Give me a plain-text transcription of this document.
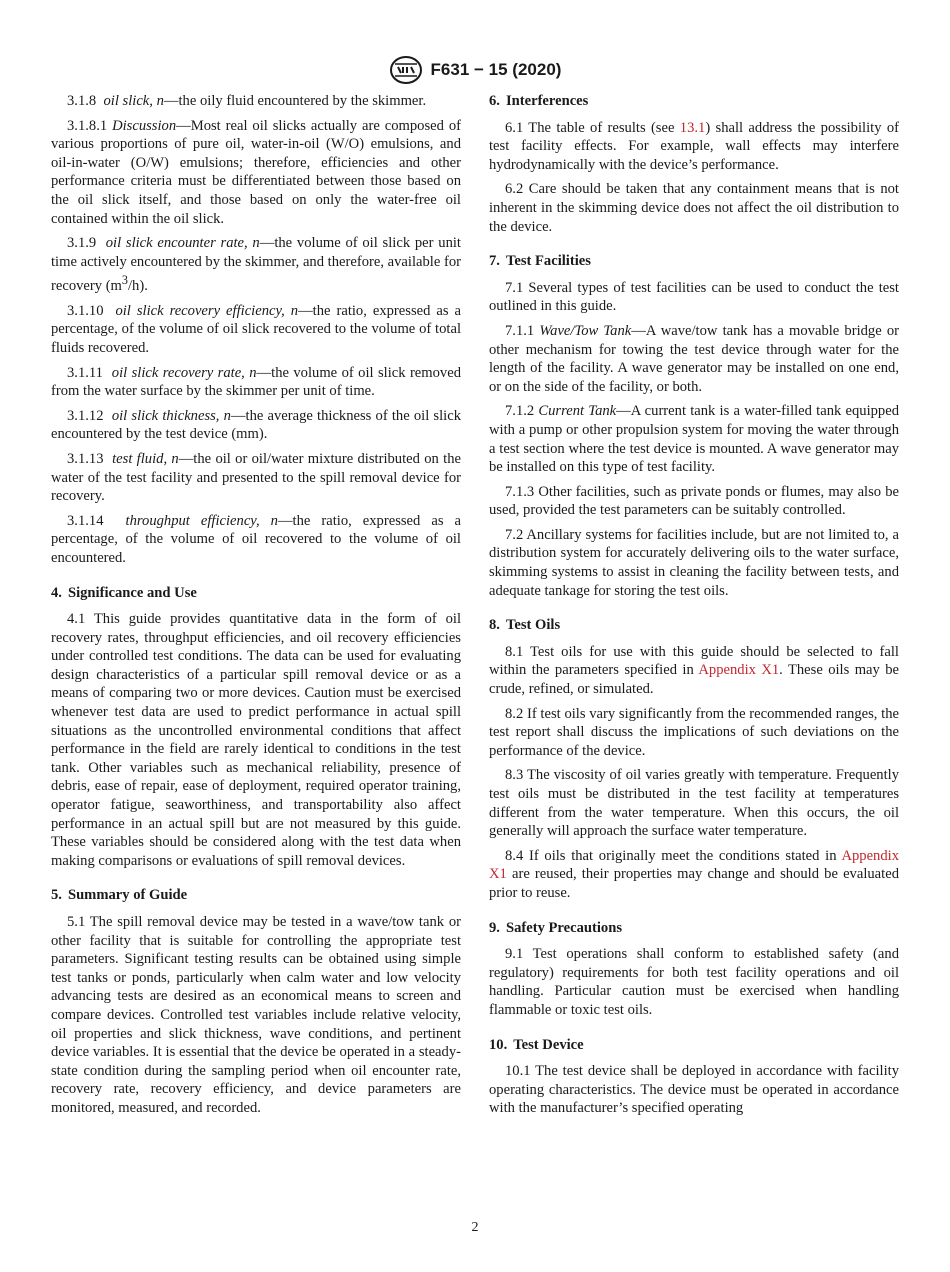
F631 − 15 (2020)

3.1.8 oil slick, n—the oily fluid encountered by the skimmer.

3.1.8.1 Discussion—Most real oil slicks actually are composed of various proportions of pure oil, water-in-oil (W/O) emulsions, and oil-in-water (O/W) emulsions; therefore, efficiencies and other performance criteria must be differentiated between those based on the oil slick itself, and those based on only the water-free oil contained within the oil slick.

3.1.9 oil slick encounter rate, n—the volume of oil slick per unit time actively encountered by the skimmer, and therefore, available for recovery $(m^3/h)$.

3.1.10 oil slick recovery efficiency, n—the ratio, expressed as a percentage, of the volume of oil slick recovered to the volume of total fluids recovered.

3.1.11 oil slick recovery rate, n—the volume of oil slick removed from the water surface by the skimmer per unit of time.

3.1.12 oil slick thickness, n—the average thickness of the oil slick encountered by the test device (mm).

3.1.13 test fluid, n—the oil or oil/water mixture distributed on the water of the test facility and presented to the spill removal device for recovery.

3.1.14 throughput efficiency, n—the ratio, expressed as a percentage, of the volume of oil recovered to the volume of oil encountered.

4. Significance and Use

4.1 This guide provides quantitative data in the form of oil recovery rates, throughput efficiencies, and oil recovery efficiencies under controlled test conditions. The data can be used for evaluating design characteristics of a particular spill removal device or as a means of comparing two or more devices. Caution must be exercised whenever test data are used to predict performance in actual spill situations as the uncontrolled environmental conditions that affect performance in the field are rarely identical to conditions in the test tank. Other variables such as mechanical reliability, presence of debris, ease of repair, ease of deployment, required operator training, operator fatigue, seaworthiness, and transportability also affect performance in an actual spill but are not measured by this guide. These variables should be considered along with the test data when making comparisons or evaluations of spill removal devices.

5. Summary of Guide

5.1 The spill removal device may be tested in a wave/tow tank or other facility that is suitable for controlling the appropriate test parameters. Significant testing results can be obtained using simple test tanks or ponds, particularly when calm water and low velocity advancing tests are desired as an economical means to screen and compare devices. Controlled test variables include relative velocity, oil properties and slick thickness, wave conditions, and pertinent device variables. It is essential that the device be operated in a steady-state condition during the sampling period when oil encounter rate, recovery rate, recovery efficiency, and device parameters are monitored, measured, and recorded.

6. Interferences

6.1 The table of results (see 13.1) shall address the possibility of test facility effects. For example, wall effects may interfere hydrodynamically with the device’s performance.

6.2 Care should be taken that any containment means that is not inherent in the skimming device does not affect the oil distribution to the device.

7. Test Facilities

7.1 Several types of test facilities can be used to conduct the test outlined in this guide.

7.1.1 Wave/Tow Tank—A wave/tow tank has a movable bridge or other mechanism for towing the test device through water for the length of the facility. A wave generator may be installed on one end, or on the side of the facility, or both.

7.1.2 Current Tank—A current tank is a water-filled tank equipped with a pump or other propulsion system for moving the water through a test section where the test device is mounted. A wave generator may be installed on this type of test facility.

7.1.3 Other facilities, such as private ponds or flumes, may also be used, provided the test parameters can be suitably controlled.

7.2 Ancillary systems for facilities include, but are not limited to, a distribution system for accurately delivering oils to the water surface, skimming systems to assist in cleaning the facility between tests, and adequate tankage for storing the test oils.

8. Test Oils

8.1 Test oils for use with this guide should be selected to fall within the parameters specified in Appendix X1. These oils may be crude, refined, or simulated.

8.2 If test oils vary significantly from the recommended ranges, the test report shall discuss the implications of such deviations on the performance of the device.

8.3 The viscosity of oil varies greatly with temperature. Frequently test oils must be distributed in the test facility at temperatures different from the water temperature. When this occurs, the oil generally will approach the surface water temperature.

8.4 If oils that originally meet the conditions stated in Appendix X1 are reused, their properties may change and should be evaluated prior to reuse.

9. Safety Precautions

9.1 Test operations shall conform to established safety (and regulatory) requirements for both test facility operations and oil handling. Particular caution must be exercised when handling flammable or toxic test oils.

10. Test Device

10.1 The test device shall be deployed in accordance with facility operating characteristics. The device must be operated in accordance with the manufacturer’s specified operating

2
